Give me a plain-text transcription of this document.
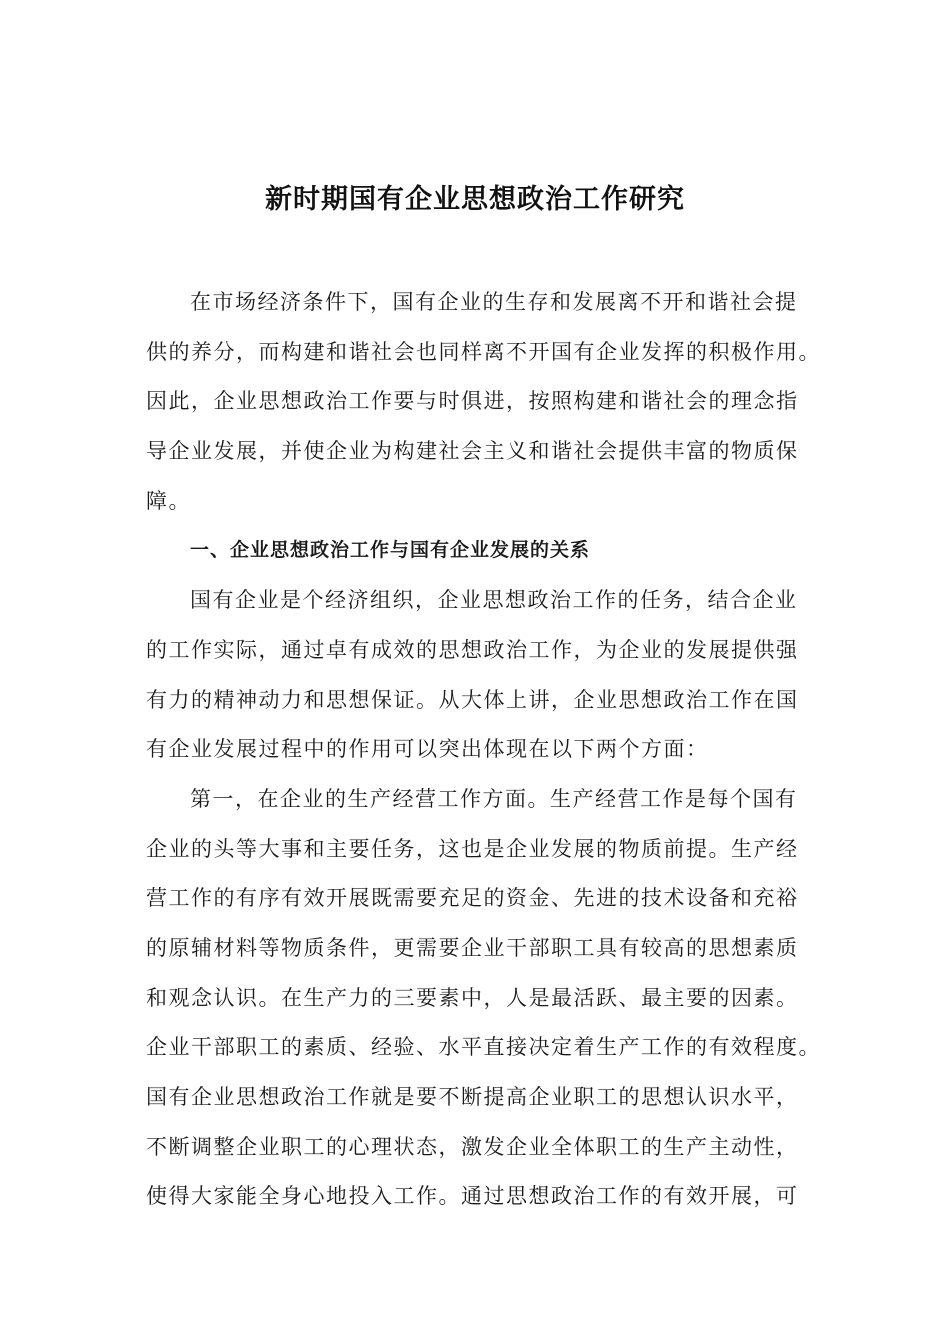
新时期国有企业思想政治工作研究
在市场经济条件下，国有企业的生存和发展离不开和谐社会提
供的养分，而构建和谐社会也同样离不开国有企业发挥的积极作用。
因此，企业思想政治工作要与时俱进，按照构建和谐社会的理念指
导企业发展，并使企业为构建社会主义和谐社会提供丰富的物质保
障。
一、企业思想政治工作与国有企业发展的关系
国有企业是个经济组织，企业思想政治工作的任务，结合企业
的工作实际，通过卓有成效的思想政治工作，为企业的发展提供强
有力的精神动力和思想保证。从大体上讲，企业思想政治工作在国
有企业发展过程中的作用可以突出体现在以下两个方面：
第一，在企业的生产经营工作方面。生产经营工作是每个国有
企业的头等大事和主要任务，这也是企业发展的物质前提。生产经
营工作的有序有效开展既需要充足的资金、先进的技术设备和充裕
的原辅材料等物质条件，更需要企业干部职工具有较高的思想素质
和观念认识。在生产力的三要素中，人是最活跃、最主要的因素。
企业干部职工的素质、经验、水平直接决定着生产工作的有效程度。
国有企业思想政治工作就是要不断提高企业职工的思想认识水平，
不断调整企业职工的心理状态，激发企业全体职工的生产主动性，
使得大家能全身心地投入工作。通过思想政治工作的有效开展，可
